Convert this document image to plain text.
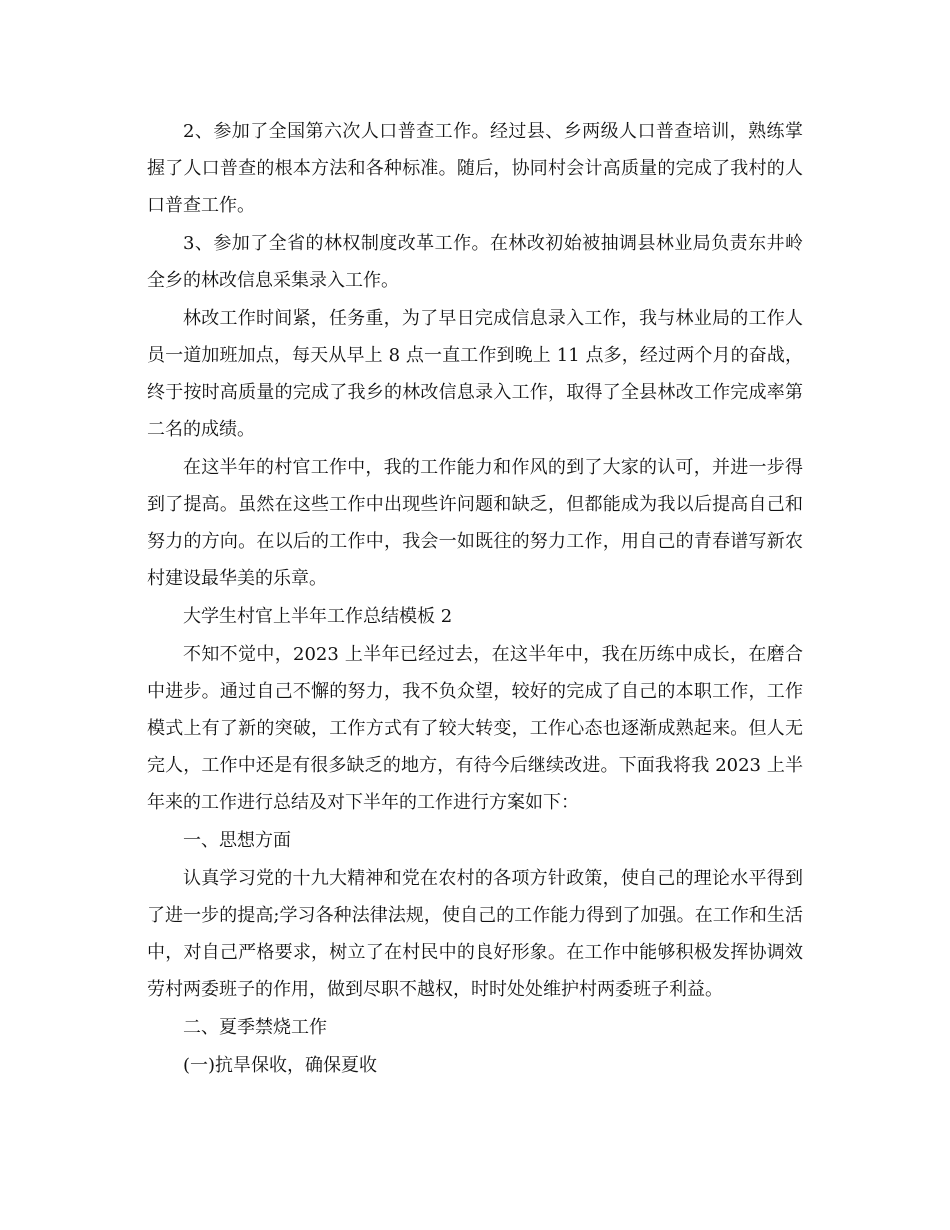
2、参加了全国第六次人口普查工作。经过县、乡两级人口普查培训，熟练掌握了人口普查的根本方法和各种标准。随后，协同村会计高质量的完成了我村的人口普查工作。

3、参加了全省的林权制度改革工作。在林改初始被抽调县林业局负责东井岭全乡的林改信息采集录入工作。

林改工作时间紧，任务重，为了早日完成信息录入工作，我与林业局的工作人员一道加班加点，每天从早上 8 点一直工作到晚上 11 点多，经过两个月的奋战，终于按时高质量的完成了我乡的林改信息录入工作，取得了全县林改工作完成率第二名的成绩。

在这半年的村官工作中，我的工作能力和作风的到了大家的认可，并进一步得到了提高。虽然在这些工作中出现些许问题和缺乏，但都能成为我以后提高自己和努力的方向。在以后的工作中，我会一如既往的努力工作，用自己的青春谱写新农村建设最华美的乐章。

大学生村官上半年工作总结模板 2

不知不觉中，2023 上半年已经过去，在这半年中，我在历练中成长，在磨合中进步。通过自己不懈的努力，我不负众望，较好的完成了自己的本职工作，工作模式上有了新的突破，工作方式有了较大转变，工作心态也逐渐成熟起来。但人无完人，工作中还是有很多缺乏的地方，有待今后继续改进。下面我将我 2023 上半年来的工作进行总结及对下半年的工作进行方案如下：

一、思想方面

认真学习党的十九大精神和党在农村的各项方针政策，使自己的理论水平得到了进一步的提高;学习各种法律法规，使自己的工作能力得到了加强。在工作和生活中，对自己严格要求，树立了在村民中的良好形象。在工作中能够积极发挥协调效劳村两委班子的作用，做到尽职不越权，时时处处维护村两委班子利益。

二、夏季禁烧工作

(一)抗旱保收，确保夏收
